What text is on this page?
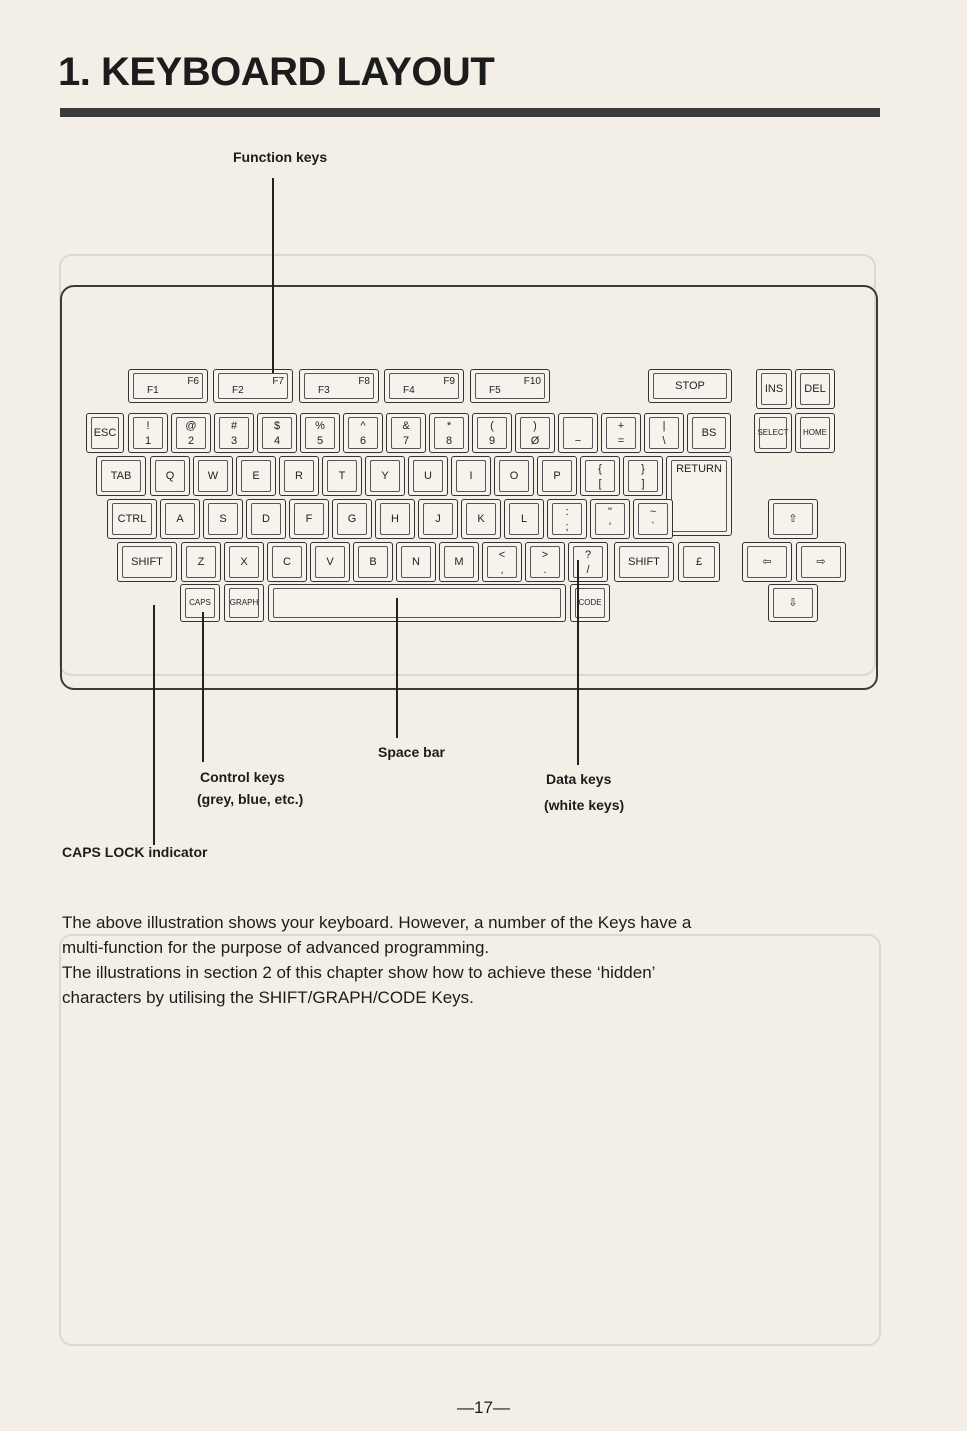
1. KEYBOARD LAYOUT
F6
F1
F7
F2
F8
F3
F9
F4
F10
F5	STOP	INS	DEL
ESC
!
1
@
2
#
3
$
4
%
5
^
6
&
7
*
8
(
9
)
Ø	−
+
=
|
\
BS	SELECT	HOME
TAB	Q	W	E	R	T	Y	U	I	O	P
{
[
}
]
RETURN
CTRL	A	S	D	F	G	H	J	K	L
:
;
"
'
~
`
⇧
SHIFT	Z	X	C	V	B	N	M
<
,
>
.
?
/
SHIFT	£	⇦	⇨
CAPS	GRAPH	CODE	⇩
Function keys
Space bar
Control keys
(grey, blue, etc.)
Data keys
(white keys)
CAPS LOCK indicator

The above illustration shows your keyboard. However, a number of the Keys have a

multi-function for the purpose of advanced programming.

The illustrations in section 2 of this chapter show how to achieve these ‘hidden’

characters by utilising the SHIFT/GRAPH/CODE Keys.

—17—
